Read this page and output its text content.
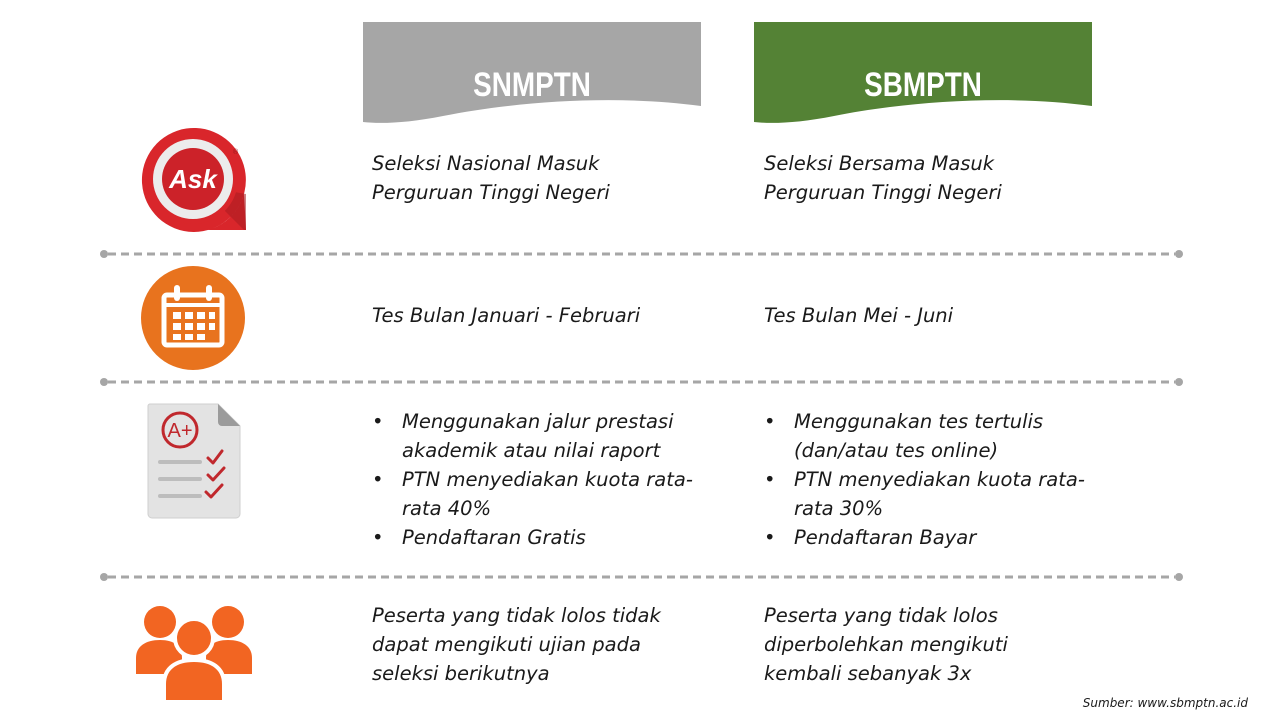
SNMPTN	SBMPTN
Ask
®	Seleksi Nasional Masuk
Perguruan Tinggi Negeri
Seleksi Bersama Masuk
Perguruan Tinggi Negeri
Tes Bulan Januari - Februari	Tes Bulan Mei - Juni
A+
•	Menggunakan jalur prestasi
akademik atau nilai raport
• PTN menyediakan kuota rata-
rata 40%
• Pendaftaran Gratis
• Menggunakan tes tertulis
(dan/atau tes online)
• PTN menyediakan kuota rata-
rata 30%
• Pendaftaran Bayar
Peserta yang tidak lolos tidak
dapat mengikuti ujian pada
seleksi berikutnya
Peserta yang tidak lolos
diperbolehkan mengikuti
kembali sebanyak 3x
Sumber: www.sbmptn.ac.id
